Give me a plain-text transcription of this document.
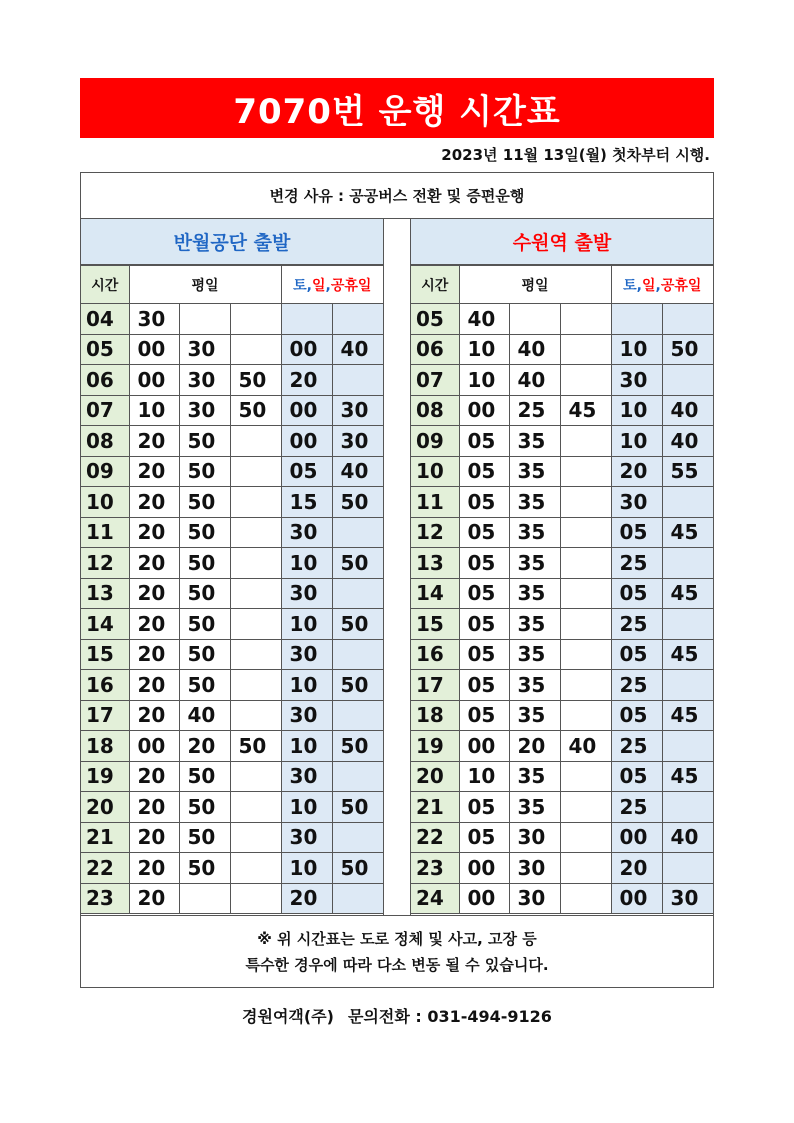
7070번 운행 시간표
2023년 11월 13일(월) 첫차부터 시행.
변경 사유 : 공공버스 전환 및 증편운행
반월공단 출발
시간	평일			토,일,공휴일	
04	30				
05	00	30		00	40
06	00	30	50	20	
07	10	30	50	00	30
08	20	50		00	30
09	20	50		05	40
10	20	50		15	50
11	20	50		30	
12	20	50		10	50
13	20	50		30	
14	20	50		10	50
15	20	50		30	
16	20	50		10	50
17	20	40		30	
18	00	20	50	10	50
19	20	50		30	
20	20	50		10	50
21	20	50		30	
22	20	50		10	50
23	20			20	
수원역 출발
시간	평일			토,일,공휴일	
05	40				
06	10	40		10	50
07	10	40		30	
08	00	25	45	10	40
09	05	35		10	40
10	05	35		20	55
11	05	35		30	
12	05	35		05	45
13	05	35		25	
14	05	35		05	45
15	05	35		25	
16	05	35		05	45
17	05	35		25	
18	05	35		05	45
19	00	20	40	25	
20	10	35		05	45
21	05	35		25	
22	05	30		00	40
23	00	30		20	
24	00	30		00	30
※ 위 시간표는 도로 정체 및 사고, 고장 등
특수한 경우에 따라 다소 변동 될 수 있습니다.
경원여객(주) 문의전화 : 031-494-9126
